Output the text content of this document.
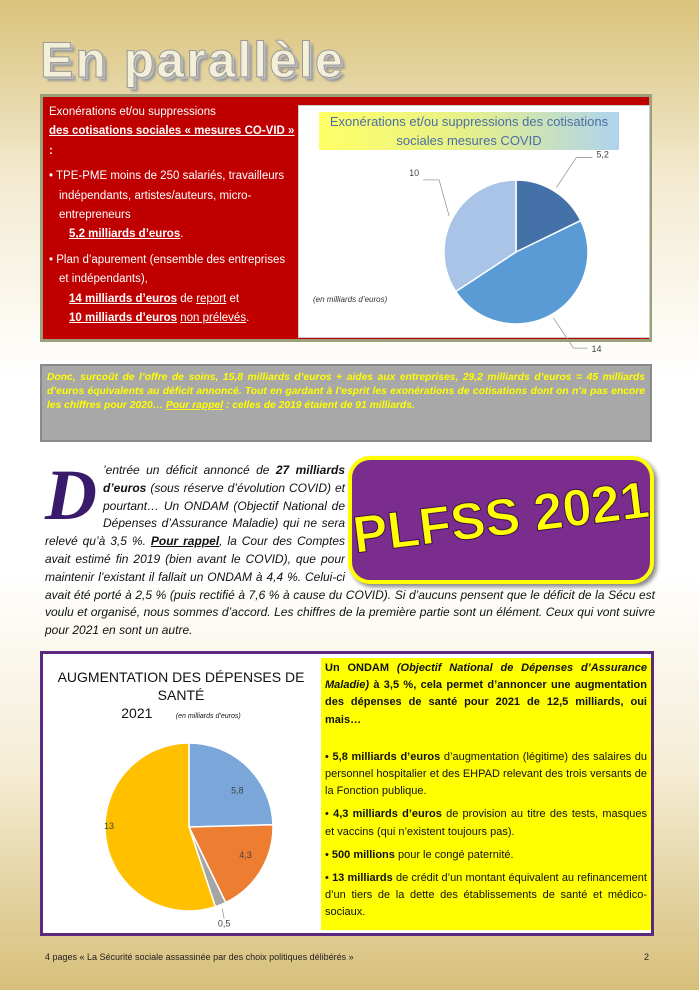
En parallèle
Exonérations et/ou suppressions
des cotisations sociales « mesures CO-VID » :
• TPE-PME moins de 250 salariés, travailleurs indépendants, artistes/auteurs, micro-entrepreneurs
5,2 milliards d’euros.
• Plan d’apurement (ensemble des entreprises et indépendants),
14 milliards d’euros de report et
10 milliards d’euros non prélevés.
Exonérations et/ou suppressions des cotisations sociales mesures COVID
5,2
14
10
(en milliards d’euros)
Donc, surcoût de l’offre de soins, 15,8 milliards d’euros + aides aux entreprises, 29,2 milliards d’euros = 45 milliards d’euros équivalents au déficit annoncé. Tout en gardant à l’esprit les exonérations de cotisations dont on n’a pas encore les chiffres pour 2020… Pour rappel : celles de 2019 étaient de 91 milliards.
PLFSS 2021
D ’entrée un déficit annoncé de 27 milliards d’euros (sous réserve d’évolution COVID) et pourtant… Un ONDAM (Objectif National de Dépenses d’Assurance Maladie) qui ne sera relevé qu’à 3,5 %. Pour rappel, la Cour des Comptes avait estimé fin 2019 (bien avant le COVID), que pour maintenir l’existant il fallait un ONDAM à 4,4 %. Celui-ci avait été porté à 2,5 % (puis rectifié à 7,6 % à cause du COVID). Si d’aucuns pensent que le déficit de la Sécu est voulu et organisé, nous sommes d’accord. Les chiffres de la première partie sont un élément. Ceux qui vont suivre pour 2021 en sont un autre.
AUGMENTATION DES DÉPENSES DE SANTÉ
2021	(en milliards d’euros)
5,8
4,3
0,5
13

Un ONDAM (Objectif National de Dépenses d’Assurance Maladie) à 3,5 %, cela permet d’annoncer une augmentation des dépenses de santé pour 2021 de 12,5 milliards, oui mais…

• 5,8 milliards d’euros d’augmentation (légitime) des salaires du personnel hospitalier et des EHPAD relevant des trois versants de la Fonction publique.

• 4,3 milliards d’euros de provision au titre des tests, masques et vaccins (qui n’existent toujours pas).

• 500 millions pour le congé paternité.

• 13 milliards de crédit d’un montant équivalent au refinancement d’un tiers de la dette des établissements de santé et médico-sociaux.

4 pages « La Sécurité sociale assassinée par des choix politiques délibérés »	2
